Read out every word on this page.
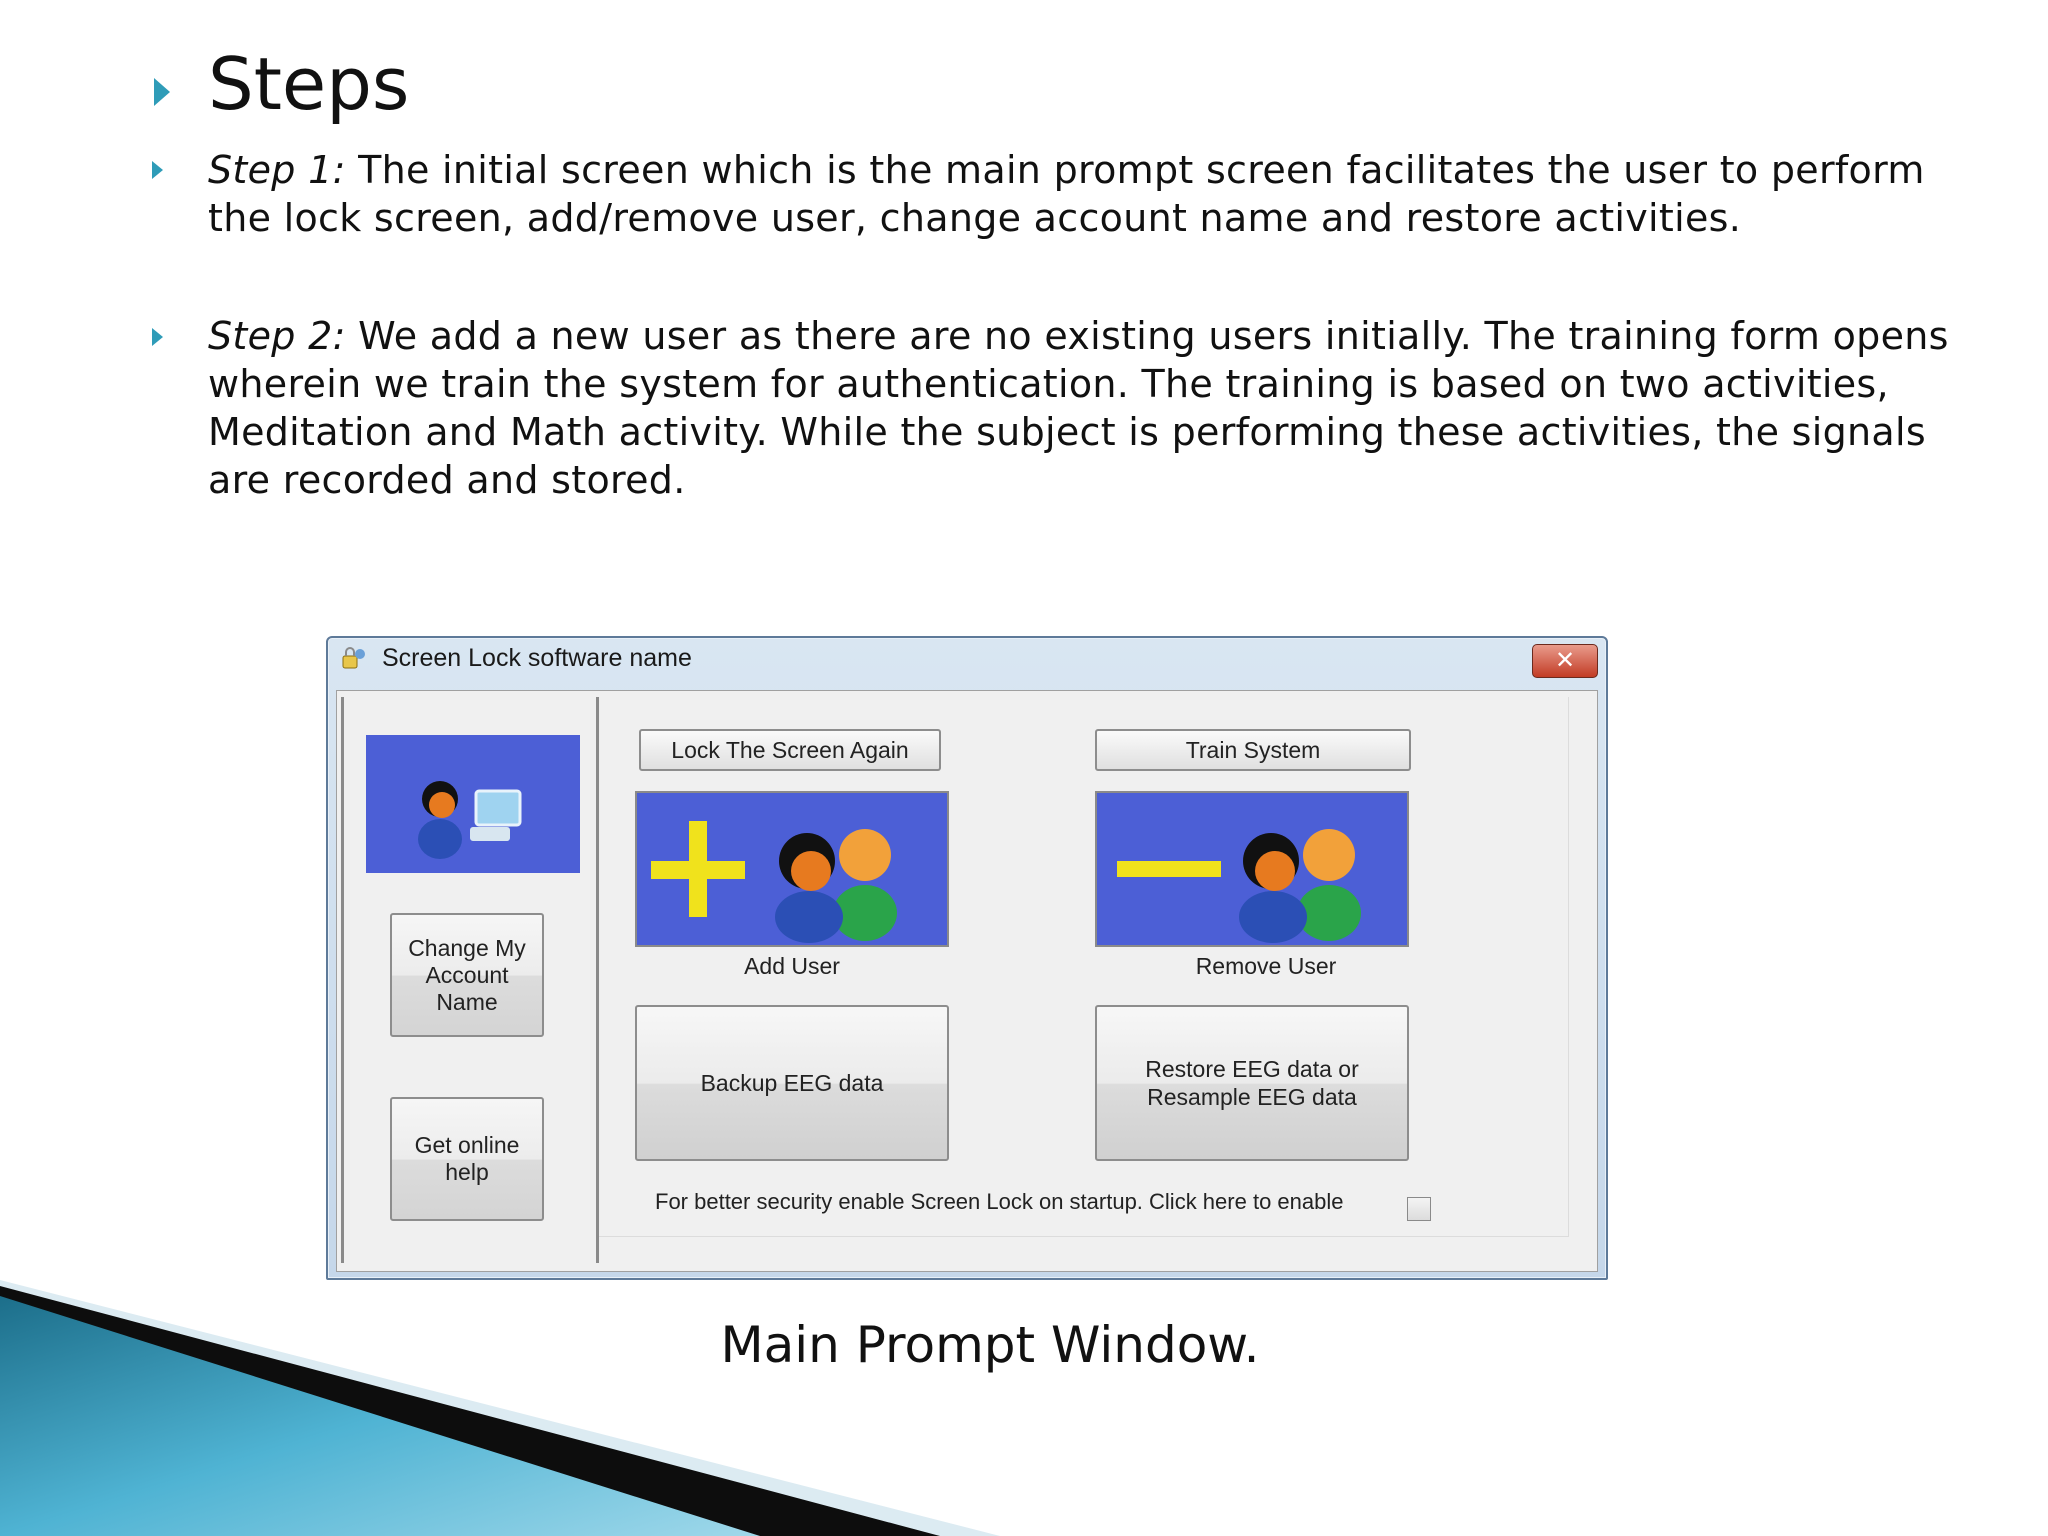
Steps
Step 1: The initial screen which is the main prompt screen facilitates the user to perform the lock screen, add/remove user, change account name and restore activities.
Step 2: We add a new user as there are no existing users initially. The training form opens wherein we train the system for authentication. The training is based on two activities, Meditation and Math activity. While the subject is performing these activities, the signals are recorded and stored.
Screen Lock software name	✕
Change My Account Name
Get online help
Lock The Screen Again	Train System
Add User	Remove User
Backup EEG data
Restore EEG data or Resample EEG data
For better security enable Screen Lock on startup. Click here to enable
Main Prompt Window.
